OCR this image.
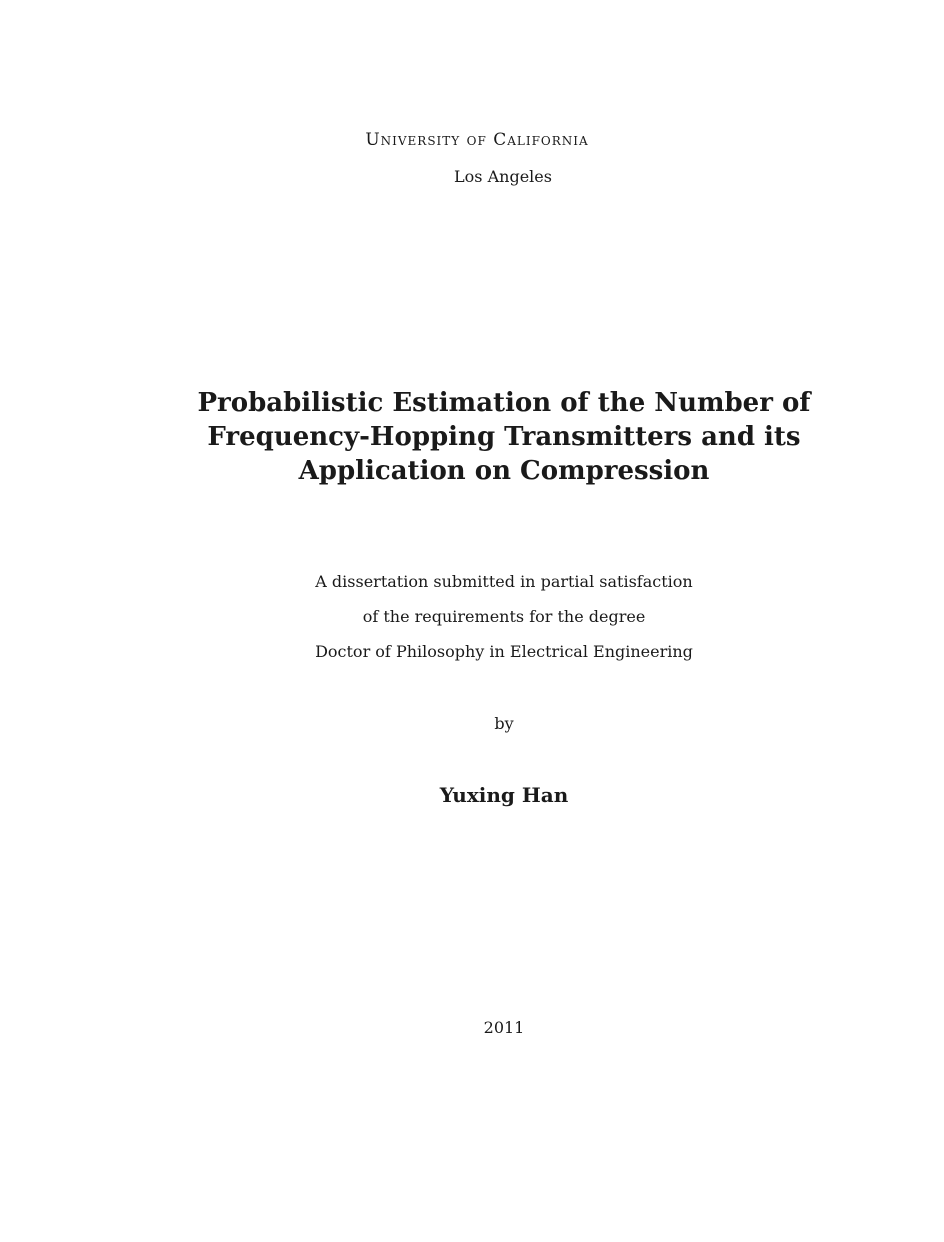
University of California
Los Angeles
Probabilistic Estimation of the Number of
Frequency-Hopping Transmitters and its
Application on Compression
A dissertation submitted in partial satisfaction
of the requirements for the degree
Doctor of Philosophy in Electrical Engineering
by
Yuxing Han
2011
